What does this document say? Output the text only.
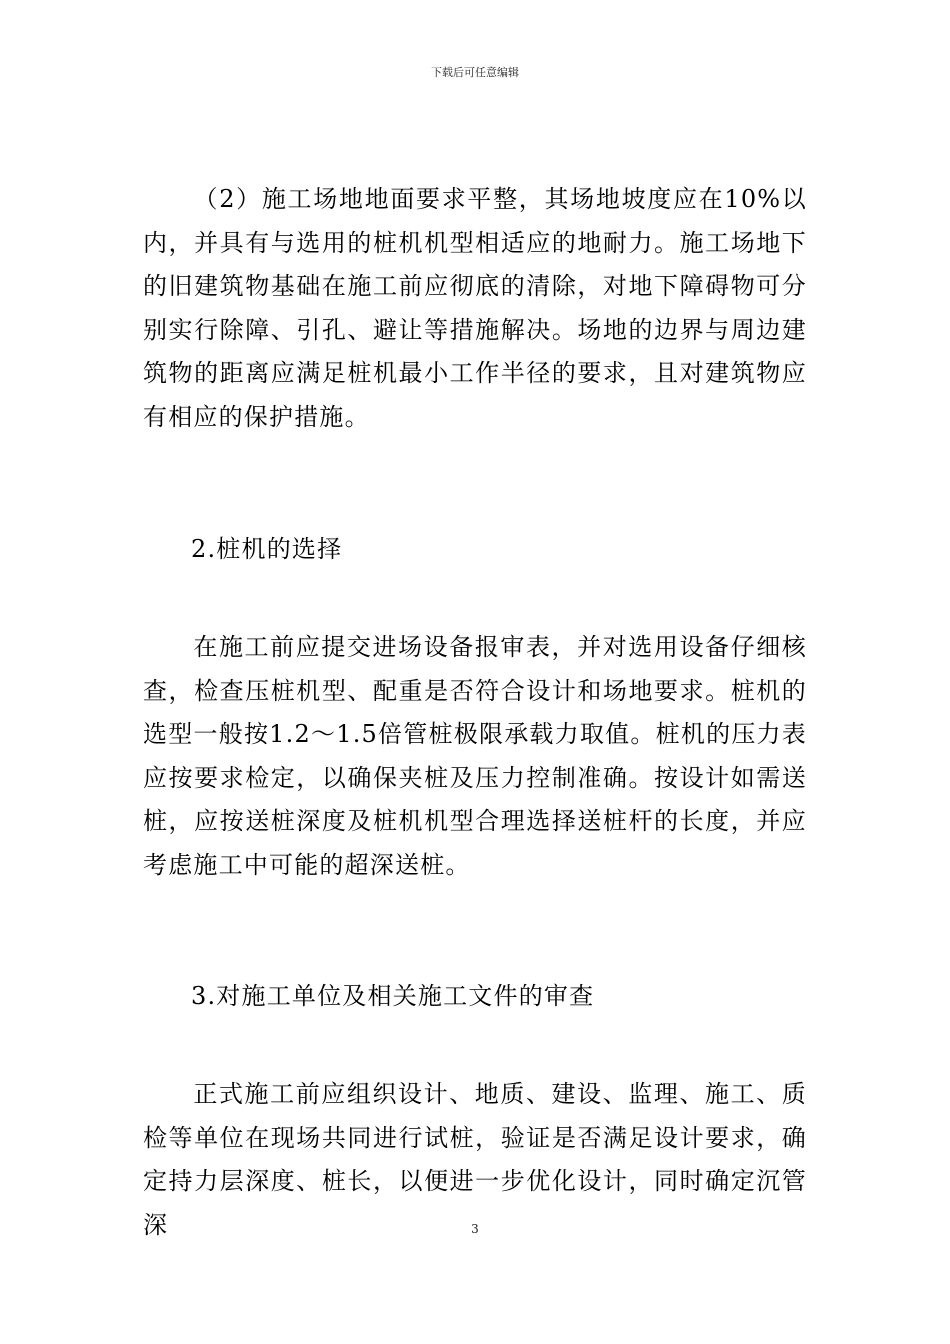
下载后可任意编辑
（2）施工场地地面要求平整，其场地坡度应在10%以内，并具有与选用的桩机机型相适应的地耐力。施工场地下的旧建筑物基础在施工前应彻底的清除，对地下障碍物可分别实行除障、引孔、避让等措施解决。场地的边界与周边建筑物的距离应满足桩机最小工作半径的要求，且对建筑物应有相应的保护措施。
2.桩机的选择
在施工前应提交进场设备报审表，并对选用设备仔细核查，检查压桩机型、配重是否符合设计和场地要求。桩机的选型一般按1.2～1.5倍管桩极限承载力取值。桩机的压力表应按要求检定，以确保夹桩及压力控制准确。按设计如需送桩，应按送桩深度及桩机机型合理选择送桩杆的长度，并应考虑施工中可能的超深送桩。
3.对施工单位及相关施工文件的审查
正式施工前应组织设计、地质、建设、监理、施工、质检等单位在现场共同进行试桩，验证是否满足设计要求，确定持力层深度、桩长，以便进一步优化设计，同时确定沉管深	3
